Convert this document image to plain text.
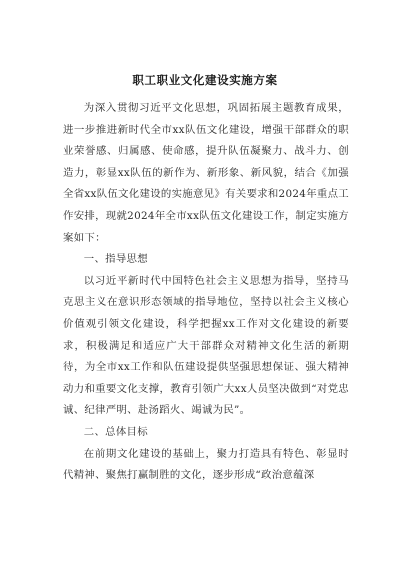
职工职业文化建设实施方案

为深入贯彻习近平文化思想，巩固拓展主题教育成果，进一步推进新时代全市xx队伍文化建设，增强干部群众的职业荣誉感、归属感、使命感，提升队伍凝聚力、战斗力、创造力，彰显xx队伍的新作为、新形象、新风貌，结合《加强全省xx队伍文化建设的实施意见》有关要求和2024年重点工作安排，现就2024年全市xx队伍文化建设工作，制定实施方案如下：

一、指导思想

以习近平新时代中国特色社会主义思想为指导，坚持马克思主义在意识形态领域的指导地位，坚持以社会主义核心价值观引领文化建设，科学把握xx工作对文化建设的新要求，积极满足和适应广大干部群众对精神文化生活的新期待，为全市xx工作和队伍建设提供坚强思想保证、强大精神动力和重要文化支撑，教育引领广大xx人员坚决做到“对党忠诚、纪律严明、赴汤蹈火、竭诚为民”。

二、总体目标

在前期文化建设的基础上，聚力打造具有特色、彰显时代精神、聚焦打赢制胜的文化，逐步形成“政治意蕴深
